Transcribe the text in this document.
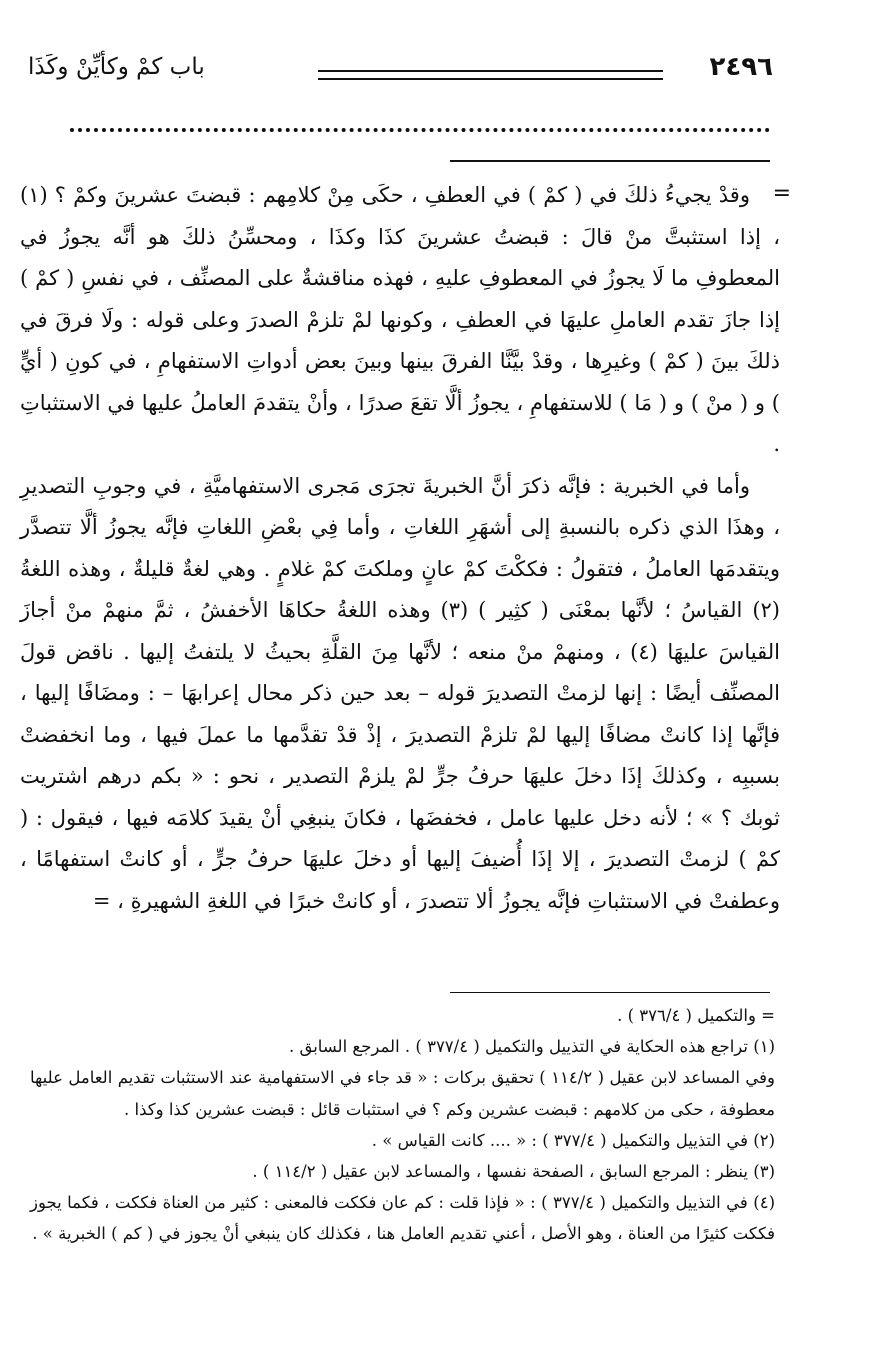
٢٤٩٦
باب كمْ وكأيِّنْ وكَذَا
=

وقدْ يجيءُ ذلكَ في ( كمْ ) في العطفِ ، حكَى مِنْ كلامِهم : قبضتَ عشرينَ وكمْ ؟ (١) ، إذا استثبتَّ منْ قالَ : قبضتُ عشرينَ كذَا وكذَا ، ومحسِّنُ ذلكَ هو أنَّه يجوزُ في المعطوفِ ما لَا يجوزُ في المعطوفِ عليهِ ، فهذه مناقشةٌ على المصنِّف ، في نفسِ ( كمْ ) إذا جازَ تقدم العاملِ عليهَا في العطفِ ، وكونها لمْ تلزمْ الصدرَ وعلى قوله : ولَا فرقَ في ذلكَ بينَ ( كمْ ) وغيرِها ، وقدْ بيَّنَّا الفرقَ بينها وبينَ بعض أدواتِ الاستفهامِ ، في كونِ ( أيٍّ ) و ( منْ ) و ( مَا ) للاستفهامِ ، يجوزُ ألَّا تقعَ صدرًا ، وأنْ يتقدمَ العاملُ عليها في الاستثباتِ .

وأما في الخبرية : فإنَّه ذكرَ أنَّ الخبريةَ تجرَى مَجرى الاستفهاميَّةِ ، في وجوبِ التصديرِ ، وهذَا الذي ذكره بالنسبةِ إلى أشهَرِ اللغاتِ ، وأما فِي بعْضِ اللغاتِ فإنَّه يجوزُ ألَّا تتصدَّر ويتقدمَها العاملُ ، فتقولُ : فككْتَ كمْ عانٍ وملكتَ كمْ غلامٍ . وهي لغةٌ قليلةٌ ، وهذه اللغةُ (٢) القياسُ ؛ لأنَّها بمعْنَى ( كثِير ) (٣) وهذه اللغةُ حكاهَا الأخفشُ ، ثمَّ منهمْ منْ أجازَ القياسَ عليهَا (٤) ، ومنهمْ منْ منعه ؛ لأنَّها مِنَ القلَّةِ بحيثُ لا يلتفتُ إليها . ناقض قولَ المصنِّف أيضًا : إنها لزمتْ التصديرَ قوله – بعد حين ذكر محال إعرابهَا – : ومضَافًا إليها ، فإنَّها إذا كانتْ مضافًا إليها لمْ تلزمْ التصديرَ ، إذْ قدْ تقدَّمها ما عملَ فيها ، وما انخفضتْ بسببِه ، وكذلكَ إذَا دخلَ عليهَا حرفُ جرٍّ لمْ يلزمْ التصدير ، نحو : « بكم درهم اشتريت ثوبك ؟ » ؛ لأنه دخل عليها عامل ، فخفضَها ، فكانَ ينبغِي أنْ يقيدَ كلامَه فيها ، فيقول : ( كمْ ) لزمتْ التصديرَ ، إلا إذَا أُضيفَ إليها أو دخلَ عليهَا حرفُ جرٍّ ، أو كانتْ استفهامًا ، وعطفتْ في الاستثباتِ فإنَّه يجوزُ ألا تتصدرَ ، أو كانتْ خبرًا في اللغةِ الشهيرةِ ، =

= والتكميل ( ٣٧٦/٤ ) .

(١) تراجع هذه الحكاية في التذييل والتكميل ( ٣٧٧/٤ ) . المرجع السابق .

وفي المساعد لابن عقيل ( ١١٤/٢ ) تحقيق بركات : « قد جاء في الاستفهامية عند الاستثبات تقديم العامل عليها معطوفة ، حكى من كلامهم : قبضت عشرين وكم ؟ في استثبات قائل : قبضت عشرين كذا وكذا .

(٢) في التذييل والتكميل ( ٣٧٧/٤ ) : « .... كانت القياس » .

(٣) ينظر : المرجع السابق ، الصفحة نفسها ، والمساعد لابن عقيل ( ١١٤/٢ ) .

(٤) في التذييل والتكميل ( ٣٧٧/٤ ) : « فإذا قلت : كم عان فككت فالمعنى : كثير من العناة فككت ، فكما يجوز فككت كثيرًا من العناة ، وهو الأصل ، أعني تقديم العامل هنا ، فكذلك كان ينبغي أنْ يجوز في ( كم ) الخبرية » .
